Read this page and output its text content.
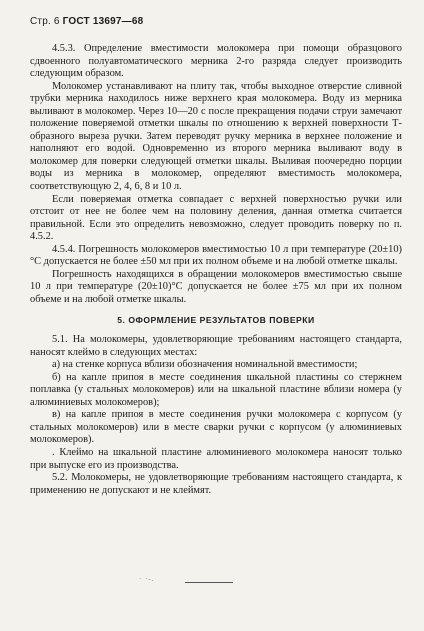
Стр. 6 ГОСТ 13697—68

4.5.3. Определение вместимости молокомера при помощи образцового сдвоенного полуавтоматического мерника 2-го разряда следует производить следующим образом.

Молокомер устанавливают на плиту так, чтобы выходное отверстие сливной трубки мерника находилось ниже верхнего края молокомера. Воду из мерника выливают в молокомер. Через 10—20 с после прекращения подачи струи замечают положение поверяемой отметки шкалы по отношению к верхней поверхности Т-образного выреза ручки. Затем переводят ручку мерника в верхнее положение и наполняют его водой. Одновременно из второго мерника выливают воду в молокомер для поверки следующей отметки шкалы. Выливая поочередно порции воды из мерника в молокомер, определяют вместимость молокомера, соответствующую 2, 4, 6, 8 и 10 л.

Если поверяемая отметка совпадает с верхней поверхностью ручки или отстоит от нее не более чем на половину деления, данная отметка считается правильной. Если это определить невозможно, следует проводить поверку по п. 4.5.2.

4.5.4. Погрешность молокомеров вместимостью 10 л при температуре (20±10)°С допускается не более ±50 мл при их полном объеме и на любой отметке шкалы.

Погрешность находящихся в обращении молокомеров вместимостью свыше 10 л при температуре (20±10)°С допускается не более ±75 мл при их полном объеме и на любой отметке шкалы.

5. ОФОРМЛЕНИЕ РЕЗУЛЬТАТОВ ПОВЕРКИ

5.1. На молокомеры, удовлетворяющие требованиям настоящего стандарта, наносят клеймо в следующих местах:

а) на стенке корпуса вблизи обозначения номинальной вместимости;

б) на капле припоя в месте соединения шкальной пластины со стержнем поплавка (у стальных молокомеров) или на шкальной пластине вблизи номера (у алюминиевых молокомеров);

в) на капле припоя в месте соединения ручки молокомера с корпусом (у стальных молокомеров) или в месте сварки ручки с корпусом (у алюминиевых молокомеров).

. Клеймо на шкальной пластине алюминиевого молокомера наносят только при выпуске его из производства.

5.2. Молокомеры, не удовлетворяющие требованиям настоящего стандарта, к применению не допускают и не клеймят.

· ·-.
